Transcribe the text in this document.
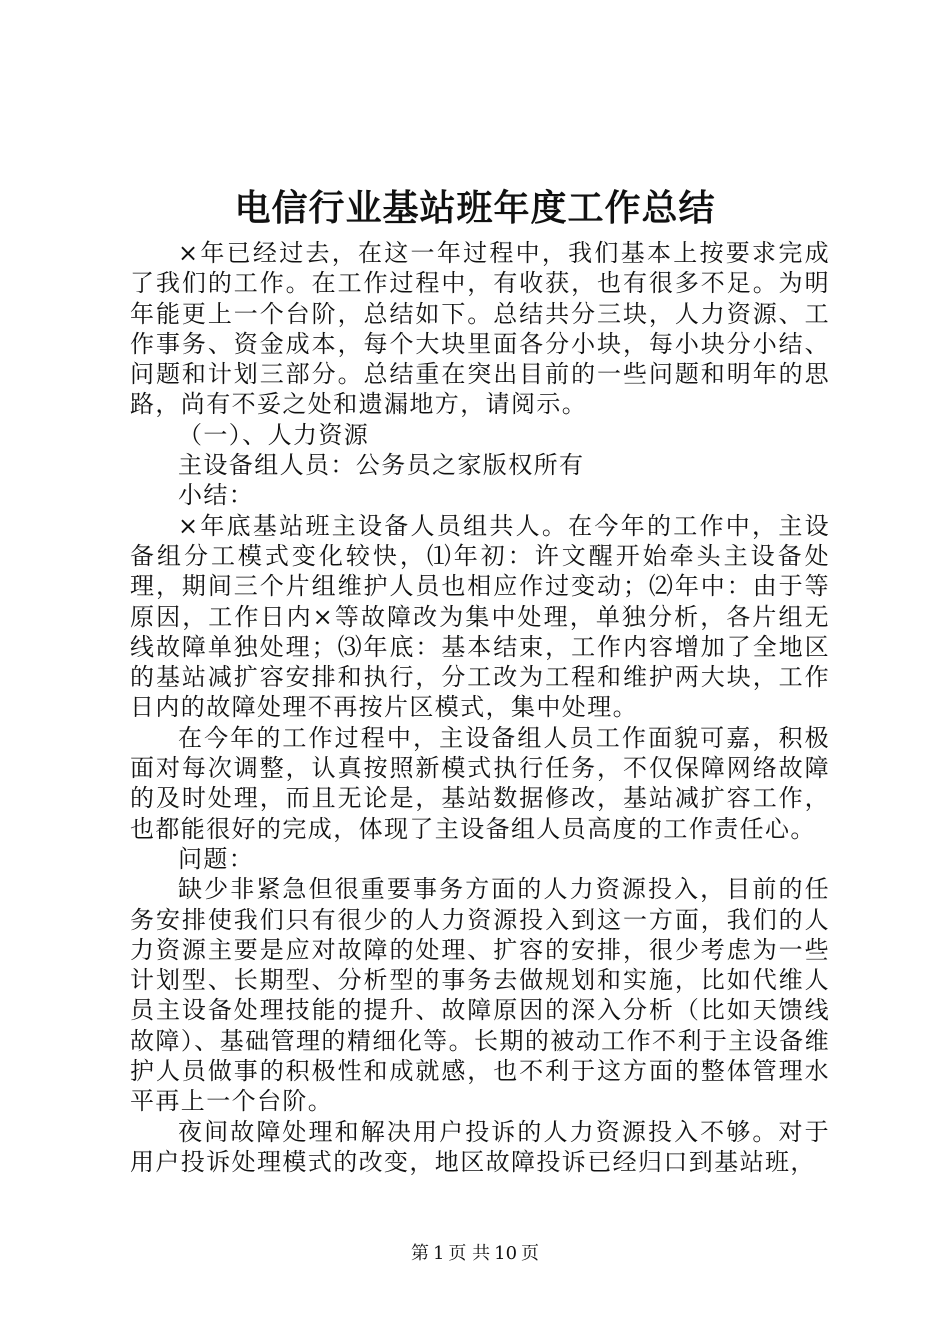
电信行业基站班年度工作总结

×年已经过去，在这一年过程中，我们基本上按要求完成了我们的工作。在工作过程中，有收获，也有很多不足。为明年能更上一个台阶，总结如下。总结共分三块，人力资源、工作事务、资金成本，每个大块里面各分小块，每小块分小结、问题和计划三部分。总结重在突出目前的一些问题和明年的思路，尚有不妥之处和遗漏地方，请阅示。

（一）、人力资源

主设备组人员：公务员之家版权所有

小结：

×年底基站班主设备人员组共人。在今年的工作中，主设备组分工模式变化较快，⑴年初：许文醒开始牵头主设备处理，期间三个片组维护人员也相应作过变动；⑵年中：由于等原因，工作日内×等故障改为集中处理，单独分析，各片组无线故障单独处理；⑶年底：基本结束，工作内容增加了全地区的基站减扩容安排和执行，分工改为工程和维护两大块，工作日内的故障处理不再按片区模式，集中处理。

在今年的工作过程中，主设备组人员工作面貌可嘉，积极面对每次调整，认真按照新模式执行任务，不仅保障网络故障的及时处理，而且无论是，基站数据修改，基站减扩容工作，也都能很好的完成，体现了主设备组人员高度的工作责任心。

问题：

缺少非紧急但很重要事务方面的人力资源投入，目前的任务安排使我们只有很少的人力资源投入到这一方面，我们的人力资源主要是应对故障的处理、扩容的安排，很少考虑为一些计划型、长期型、分析型的事务去做规划和实施，比如代维人员主设备处理技能的提升、故障原因的深入分析（比如天馈线故障）、基础管理的精细化等。长期的被动工作不利于主设备维护人员做事的积极性和成就感，也不利于这方面的整体管理水平再上一个台阶。

夜间故障处理和解决用户投诉的人力资源投入不够。对于用户投诉处理模式的改变，地区故障投诉已经归口到基站班，

第 1 页 共 10 页
